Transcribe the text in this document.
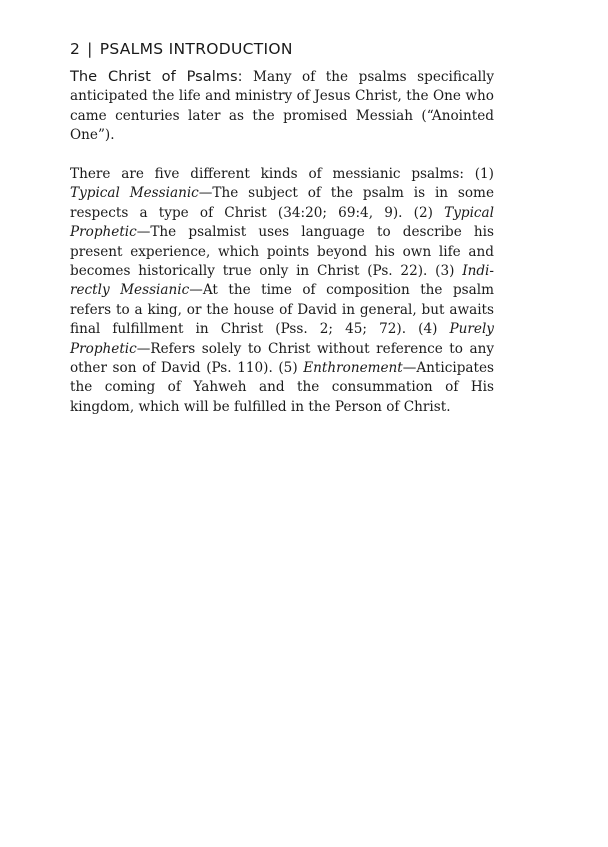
2 | PSALMS INTRODUCTION

The Christ of Psalms: Many of the psalms specifically anticipated the life and ministry of Jesus Christ, the One who came centuries later as the promised Messiah (“Anointed One”).

There are five different kinds of messianic psalms: (1) Typical Messianic—The subject of the psalm is in some respects a type of Christ (34:20; 69:4, 9). (2) Typical Prophetic—The psalmist uses language to describe his present experience, which points beyond his own life and becomes historically true only in Christ (Ps. 22). (3) Indirectly Messianic—At the time of composition the psalm refers to a king, or the house of David in general, but awaits final fulfillment in Christ (Pss. 2; 45; 72). (4) Purely Prophetic—Refers solely to Christ without reference to any other son of David (Ps. 110). (5) Enthronement—Anticipates the coming of Yahweh and the consummation of His kingdom, which will be fulfilled in the Person of Christ.
